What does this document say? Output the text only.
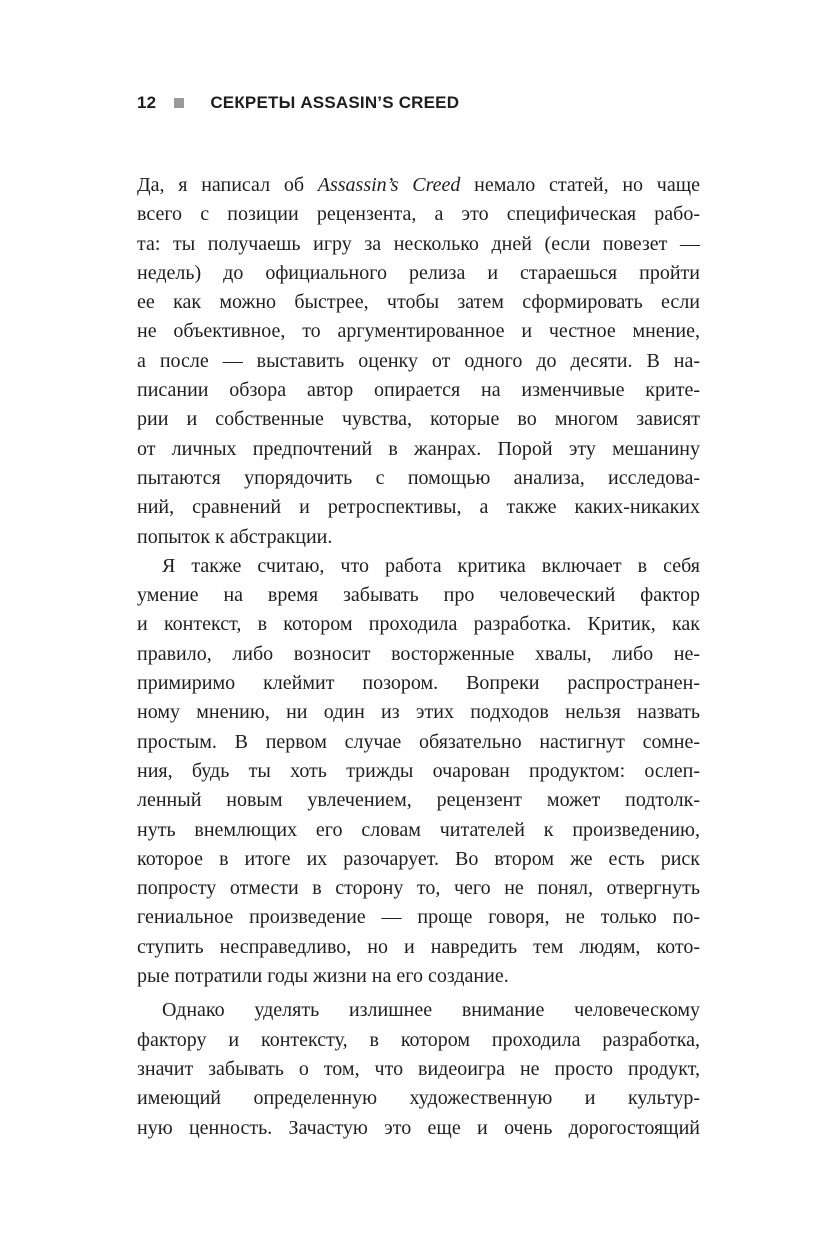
12	СЕКРЕТЫ ASSASIN’S CREED
Да, я написал об Assassin’s Creed немало статей, но чаще
всего с позиции рецензента, а это специфическая рабо-
та: ты получаешь игру за несколько дней (если повезет —
недель) до официального релиза и стараешься пройти
ее как можно быстрее, чтобы затем сформировать если
не объективное, то аргументированное и честное мнение,
а после — выставить оценку от одного до десяти. В на-
писании обзора автор опирается на изменчивые крите-
рии и собственные чувства, которые во многом зависят
от личных предпочтений в жанрах. Порой эту мешанину
пытаются упорядочить с помощью анализа, исследова-
ний, сравнений и ретроспективы, а также каких-никаких
попыток к абстракции.
Я также считаю, что работа критика включает в себя
умение на время забывать про человеческий фактор
и контекст, в котором проходила разработка. Критик, как
правило, либо возносит восторженные хвалы, либо не-
примиримо клеймит позором. Вопреки распространен-
ному мнению, ни один из этих подходов нельзя назвать
простым. В первом случае обязательно настигнут сомне-
ния, будь ты хоть трижды очарован продуктом: ослеп-
ленный новым увлечением, рецензент может подтолк-
нуть внемлющих его словам читателей к произведению,
которое в итоге их разочарует. Во втором же есть риск
попросту отмести в сторону то, чего не понял, отвергнуть
гениальное произведение — проще говоря, не только по-
ступить несправедливо, но и навредить тем людям, кото-
рые потратили годы жизни на его создание.
Однако уделять излишнее внимание человеческому
фактору и контексту, в котором проходила разработка,
значит забывать о том, что видеоигра не просто продукт,
имеющий определенную художественную и культур-
ную ценность. Зачастую это еще и очень дорогостоящий
